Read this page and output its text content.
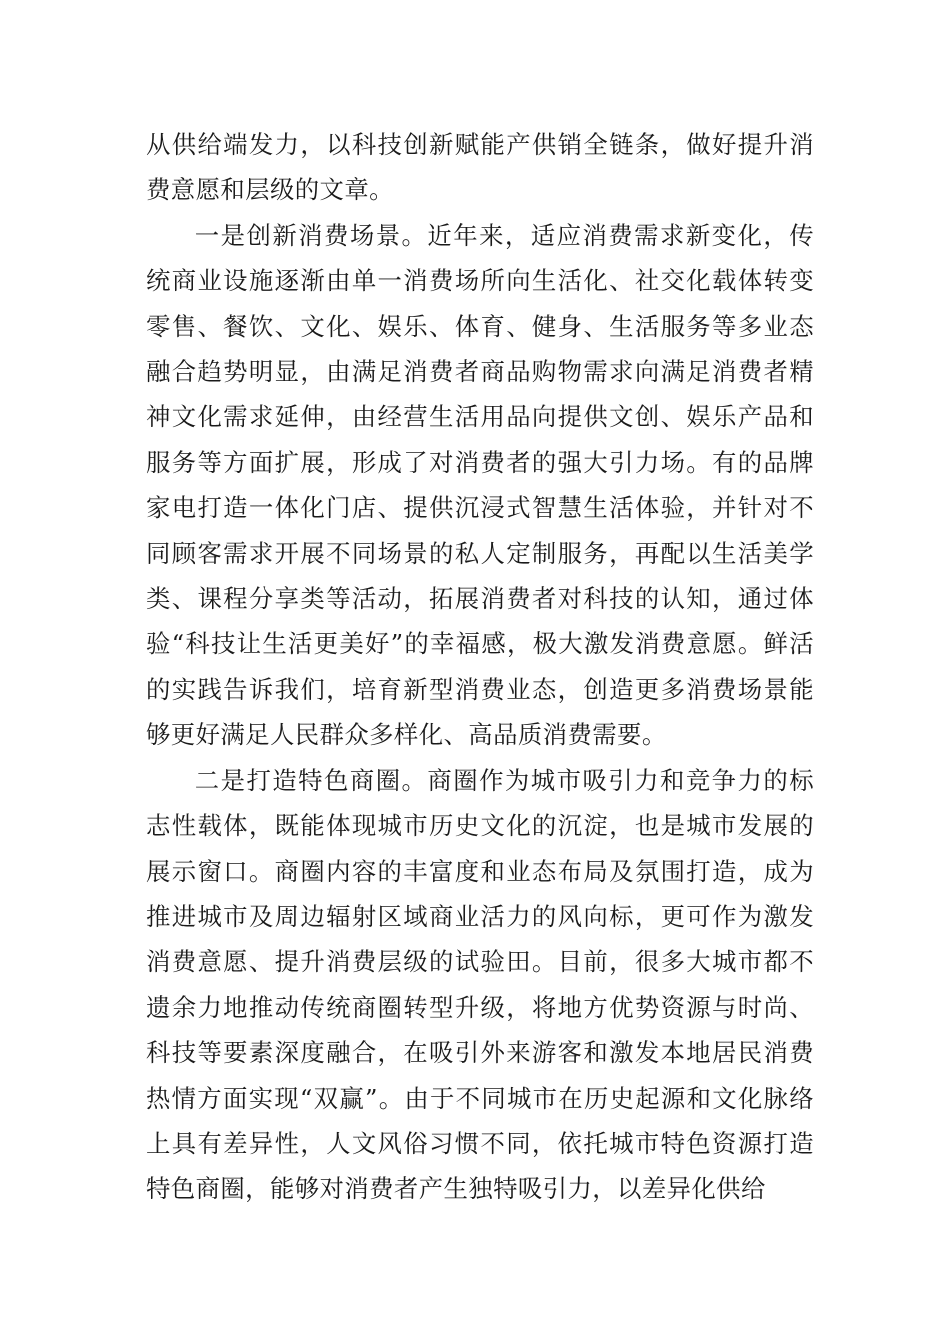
从供给端发力，以科技创新赋能产供销全链条，做好提升消费意愿和层级的文章。

一是创新消费场景。近年来，适应消费需求新变化，传统商业设施逐渐由单一消费场所向生活化、社交化载体转变零售、餐饮、文化、娱乐、体育、健身、生活服务等多业态融合趋势明显，由满足消费者商品购物需求向满足消费者精神文化需求延伸，由经营生活用品向提供文创、娱乐产品和服务等方面扩展，形成了对消费者的强大引力场。有的品牌家电打造一体化门店、提供沉浸式智慧生活体验，并针对不同顾客需求开展不同场景的私人定制服务，再配以生活美学类、课程分享类等活动，拓展消费者对科技的认知，通过体验“科技让生活更美好”的幸福感，极大激发消费意愿。鲜活的实践告诉我们，培育新型消费业态，创造更多消费场景能够更好满足人民群众多样化、高品质消费需要。

二是打造特色商圈。商圈作为城市吸引力和竞争力的标志性载体，既能体现城市历史文化的沉淀，也是城市发展的展示窗口。商圈内容的丰富度和业态布局及氛围打造，成为推进城市及周边辐射区域商业活力的风向标，更可作为激发消费意愿、提升消费层级的试验田。目前，很多大城市都不遗余力地推动传统商圈转型升级，将地方优势资源与时尚、科技等要素深度融合，在吸引外来游客和激发本地居民消费热情方面实现“双赢”。由于不同城市在历史起源和文化脉络上具有差异性，人文风俗习惯不同，依托城市特色资源打造特色商圈，能够对消费者产生独特吸引力，以差异化供给
